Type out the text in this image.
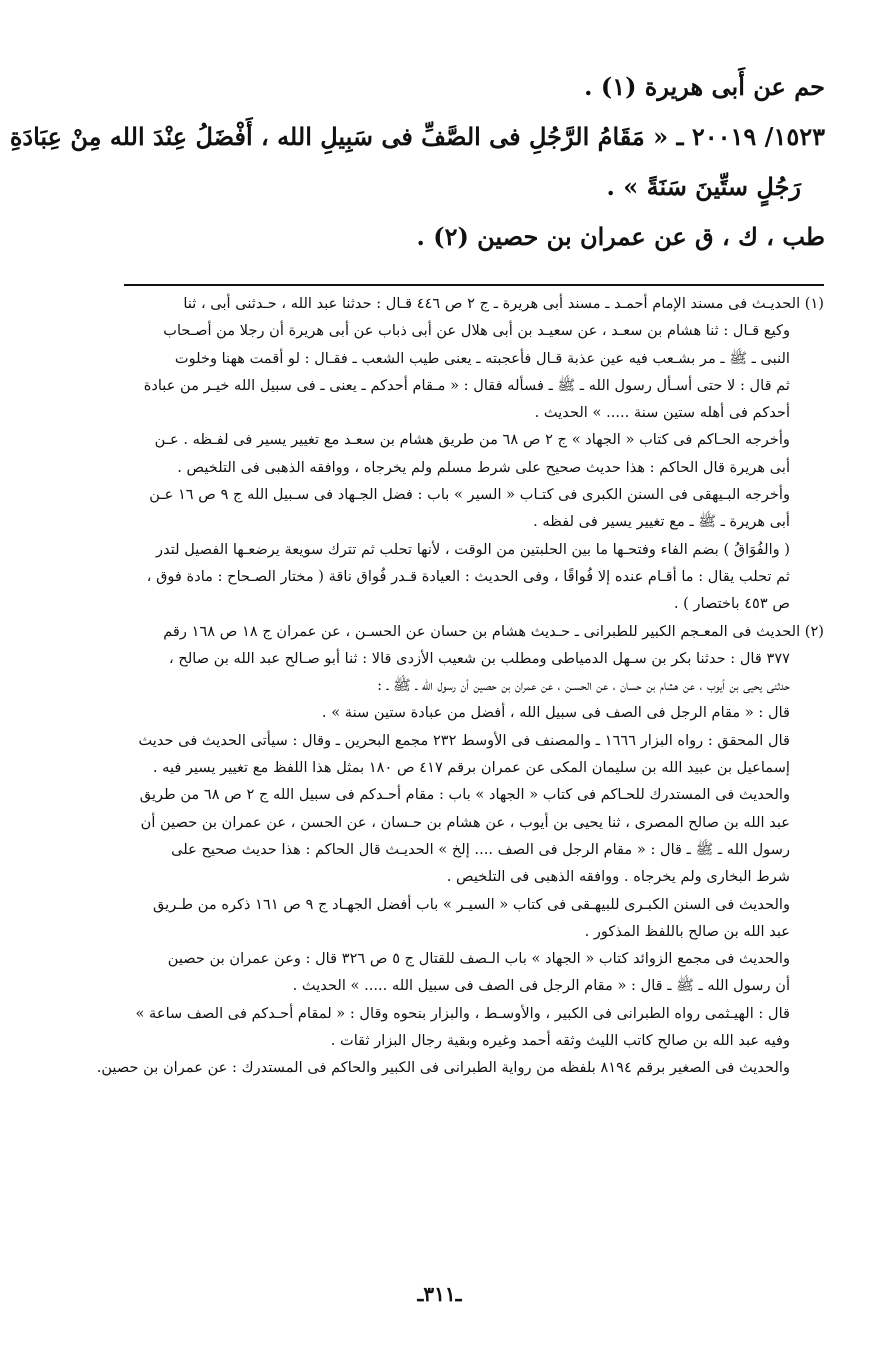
حم عن أَبى هريرة (١) .

١٥٢٣/ ٢٠٠١٩ ـ « مَقَامُ الرَّجُلِ فى الصَّفِّ فى سَبِيلِ الله ، أَفْضَلُ عِنْدَ الله مِنْ عِبَادَةِ

رَجُلٍ ستِّينَ سَنَةً » .

طب ، ك ، ق عن عمران بن حصين (٢) .

(١) الحديـث فى مسند الإمام أحمـد ـ مسند أبى هريرة ـ ج ٢ ص ٤٤٦ قـال : حدثنا عبد الله ، حـدثنى أبى ، ثنا

وكيع قـال : ثنا هشام بن سعـد ، عن سعيـد بن أبى هلال عن أبى ذباب عن أبى هريرة أن رجلا من أصـحاب

النبى ـ ﷺ ـ مر بشـعب فيه عين عذبة قـال فأعجبته ـ يعنى طيب الشعب ـ فقـال : لو أقمت ههنا وخلوت

ثم قال : لا حتى أسـأل رسول الله ـ ﷺ ـ فسأله فقال : « مـقام أحدكم ـ يعنى ـ فى سبيل الله خيـر من عبادة

أحدكم فى أهله ستين سنة ..... » الحديث .

وأخرجه الحـاكم فى كتاب « الجهاد » ج ٢ ص ٦٨ من طريق هشام بن سعـد مع تغيير يسير فى لفـظه . عـن

أبى هريرة قال الحاكم : هذا حديث صحيح على شرط مسلم ولم يخرجاه ، ووافقه الذهبى فى التلخيص .

وأخرجه البـيهقى فى السنن الكبرى فى كتـاب « السير » باب : فضل الجـهاد فى سـبيل الله ج ٩ ص ١٦ عـن

أبى هريرة ـ ﷺ ـ مع تغيير يسير فى لفظه .

( والفُوَاقُ ) بضم الفاء وفتحـها ما بين الحلبتين من الوقت ، لأنها تحلب ثم تترك سويعة يرضعـها الفصيل لتدر

ثم تحلب يقال : ما أقـام عنده إلا فُواقًا ، وفى الحديث : العيادة قـدر فُواق ناقة ( مختار الصـحاح : مادة فوق ،

ص ٤٥٣ باختصار ) .

(٢) الحديث فى المعـجم الكبير للطبرانى ـ حـديث هشام بن حسان عن الحسـن ، عن عمران ج ١٨ ص ١٦٨ رقم

٣٧٧ قال : حدثنا بكر بن سـهل الدمياطى ومطلب بن شعيب الأزدى قالا : ثنا أبو صـالح عبد الله بن صالح ،

حدثنى يحيى بن أيوب ، عن هشام بن حسان ، عن الحسـن ، عن عمران بن حصين أن رسول الله ـ ﷺ ـ :

قال : « مقام الرجل فى الصف فى سبيل الله ، أفضل من عبادة ستين سنة » .

قال المحقق : رواه البزار ١٦٦٦ ـ والمصنف فى الأوسط ٢٣٢ مجمع البحرين ـ وقال : سيأتى الحديث فى حديث

إسماعيل بن عبيد الله بن سليمان المكى عن عمران برقم ٤١٧ ص ١٨٠ بمثل هذا اللفظ مع تغيير يسير فيه .

والحديث فى المستدرك للحـاكم فى كتاب « الجهاد » باب : مقام أحـدكم فى سبيل الله ج ٢ ص ٦٨ من طريق

عبد الله بن صالح المصرى ، ثنا يحيى بن أيوب ، عن هشام بن حـسان ، عن الحسن ، عن عمران بن حصين أن

رسول الله ـ ﷺ ـ قال : « مقام الرجل فى الصف .... إلخ » الحديـث قال الحاكم : هذا حديث صحيح على

شرط البخارى ولم يخرجاه . ووافقه الذهبى فى التلخيص .

والحديث فى السنن الكبـرى للبيهـقى فى كتاب « السيـر » باب أفضل الجهـاد ج ٩ ص ١٦١ ذكره من طـريق

عبد الله بن صالح باللفظ المذكور .

والحديث فى مجمع الزوائد كتاب « الجهاد » باب الـصف للقتال ج ٥ ص ٣٢٦ قال : وعن عمران بن حصين

أن رسول الله ـ ﷺ ـ قال : « مقام الرجل فى الصف فى سبيل الله ..... » الحديث .

قال : الهيـثمى رواه الطبرانى فى الكبير ، والأوسـط ، والبزار بنحوه وقال : « لمقام أحـدكم فى الصف ساعة »

وفيه عبد الله بن صالح كاتب الليث وثقه أحمد وغيره وبقية رجال البزار ثقات .

والحديث فى الصغير برقم ٨١٩٤ بلفظه من رواية الطبرانى فى الكبير والحاكم فى المستدرك : عن عمران بن حصين.

ـ٣١١ـ
